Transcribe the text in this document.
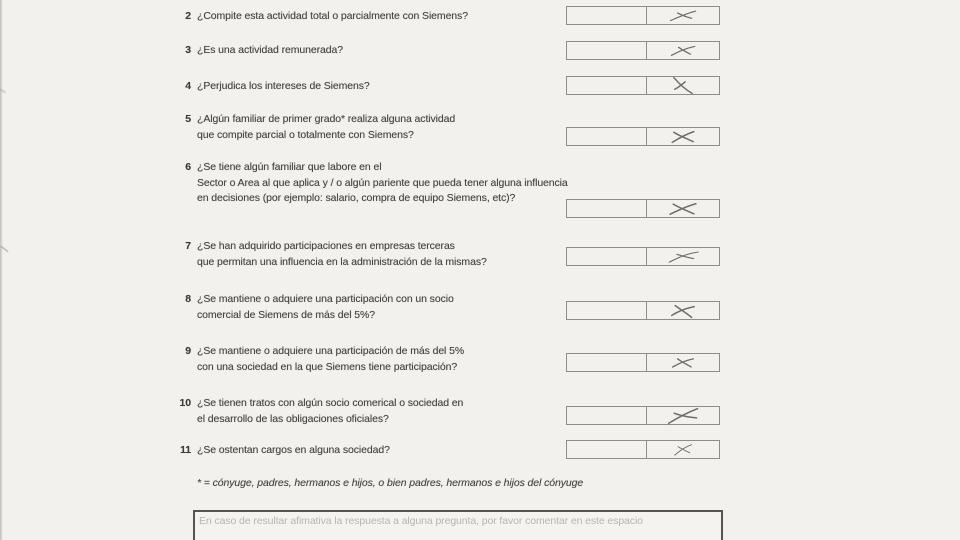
2 ¿Compite esta actividad total o parcialmente con Siemens?
3 ¿Es una actividad remunerada?
4 ¿Perjudica los intereses de Siemens?
5 ¿Algún familiar de primer grado* realiza alguna actividad
que compite parcial o totalmente con Siemens?
6 ¿Se tiene algún familiar que labore en el
Sector o Area al que aplica y / o algún pariente que pueda tener alguna influencia
en decisiones (por ejemplo: salario, compra de equipo Siemens, etc)?
7 ¿Se han adquirido participaciones en empresas terceras
que permitan una influencia en la administración de la mismas?
8 ¿Se mantiene o adquiere una participación con un socio
comercial de Siemens de más del 5%?
9 ¿Se mantiene o adquiere una participación de más del 5%
con una sociedad en la que Siemens tiene participación?
10 ¿Se tienen tratos con algún socio comerical o sociedad en
el desarrollo de las obligaciones oficiales?
11 ¿Se ostentan cargos en alguna sociedad?
* = cónyuge, padres, hermanos e hijos, o bien padres, hermanos e hijos del cónyuge
En caso de resultar afimativa la respuesta a alguna pregunta, por favor comentar en este espacio
